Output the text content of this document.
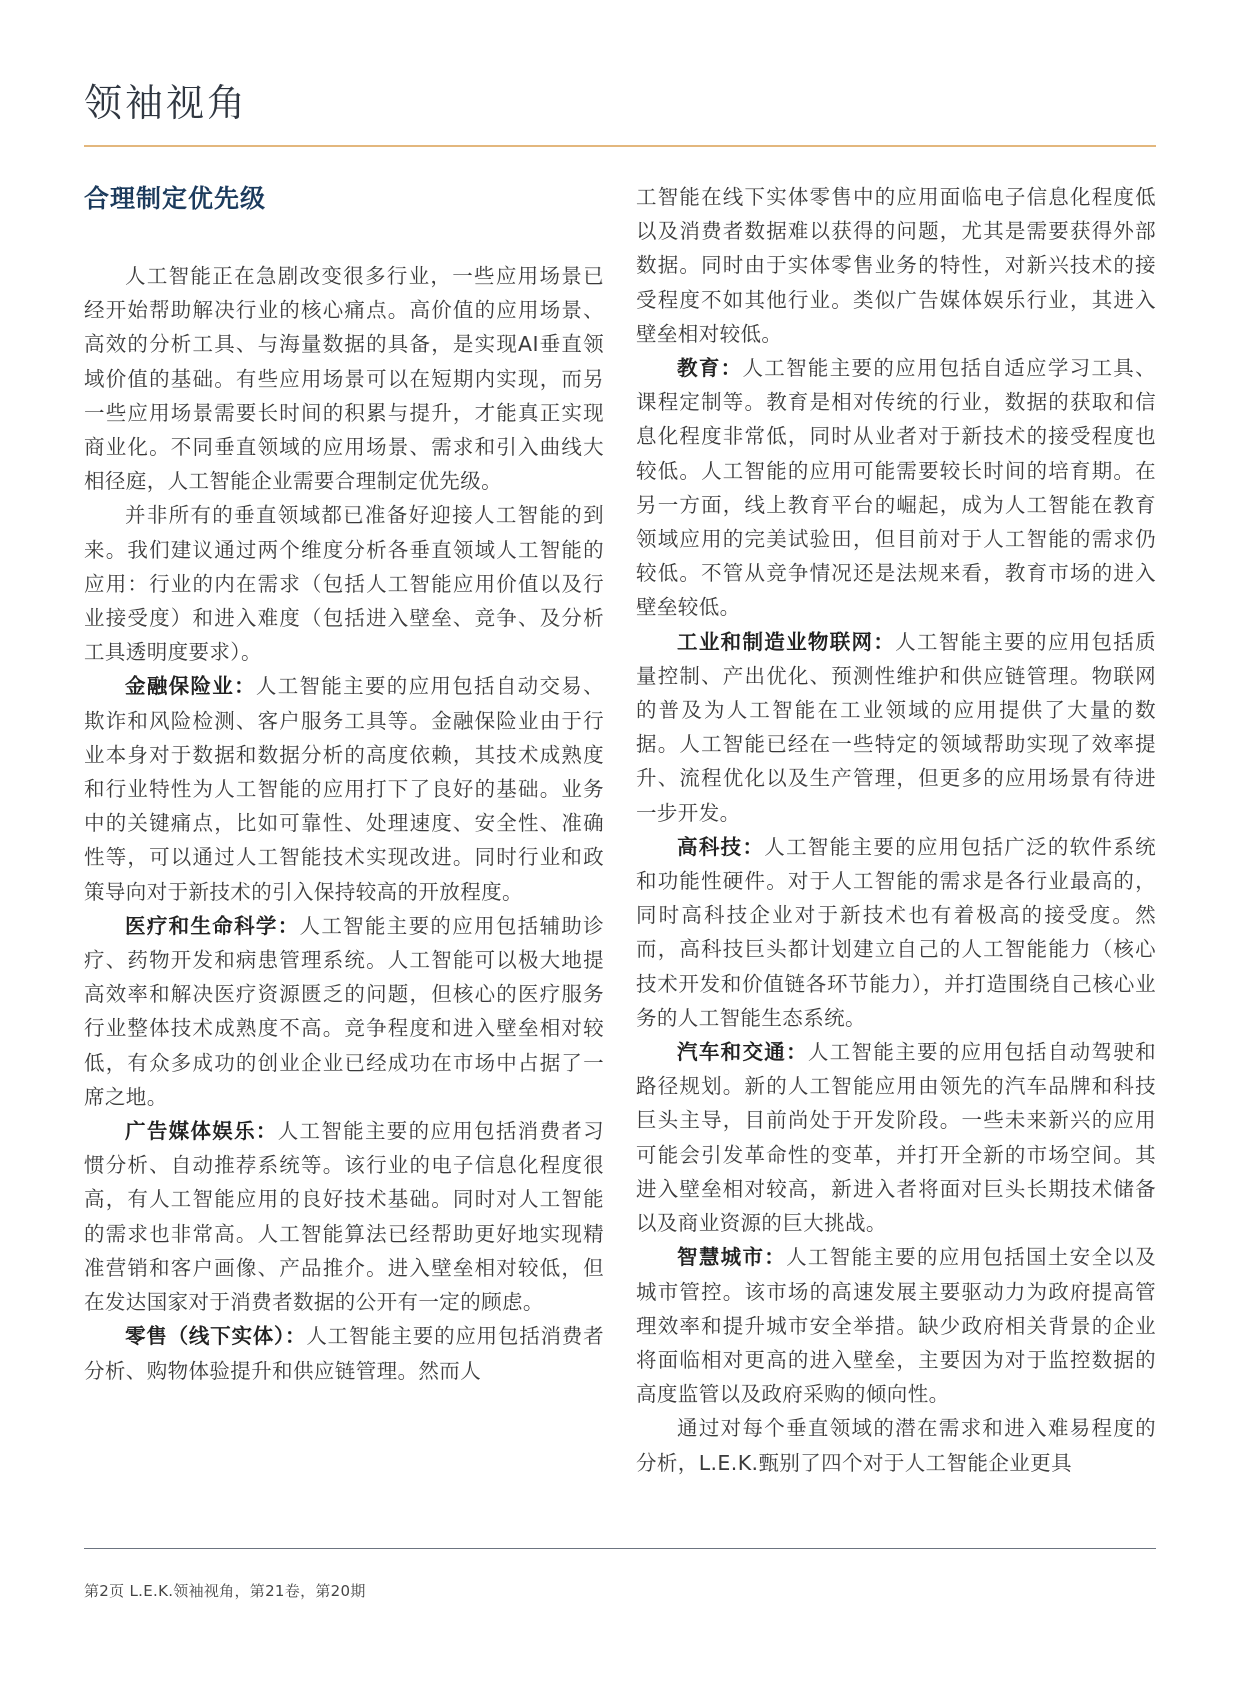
领袖视角
合理制定优先级

人工智能正在急剧改变很多行业，一些应用场景已经开始帮助解决行业的核心痛点。高价值的应用场景、高效的分析工具、与海量数据的具备，是实现AI垂直领域价值的基础。有些应用场景可以在短期内实现，而另一些应用场景需要长时间的积累与提升，才能真正实现商业化。不同垂直领域的应用场景、需求和引入曲线大相径庭，人工智能企业需要合理制定优先级。

并非所有的垂直领域都已准备好迎接人工智能的到来。我们建议通过两个维度分析各垂直领域人工智能的应用：行业的内在需求（包括人工智能应用价值以及行业接受度）和进入难度（包括进入壁垒、竞争、及分析工具透明度要求）。

金融保险业：人工智能主要的应用包括自动交易、欺诈和风险检测、客户服务工具等。金融保险业由于行业本身对于数据和数据分析的高度依赖，其技术成熟度和行业特性为人工智能的应用打下了良好的基础。业务中的关键痛点，比如可靠性、处理速度、安全性、准确性等，可以通过人工智能技术实现改进。同时行业和政策导向对于新技术的引入保持较高的开放程度。

医疗和生命科学：人工智能主要的应用包括辅助诊疗、药物开发和病患管理系统。人工智能可以极大地提高效率和解决医疗资源匮乏的问题，但核心的医疗服务行业整体技术成熟度不高。竞争程度和进入壁垒相对较低，有众多成功的创业企业已经成功在市场中占据了一席之地。

广告媒体娱乐：人工智能主要的应用包括消费者习惯分析、自动推荐系统等。该行业的电子信息化程度很高，有人工智能应用的良好技术基础。同时对人工智能的需求也非常高。人工智能算法已经帮助更好地实现精准营销和客户画像、产品推介。进入壁垒相对较低，但在发达国家对于消费者数据的公开有一定的顾虑。

零售（线下实体）：人工智能主要的应用包括消费者分析、购物体验提升和供应链管理。然而人

工智能在线下实体零售中的应用面临电子信息化程度低以及消费者数据难以获得的问题，尤其是需要获得外部数据。同时由于实体零售业务的特性，对新兴技术的接受程度不如其他行业。类似广告媒体娱乐行业，其进入壁垒相对较低。

教育：人工智能主要的应用包括自适应学习工具、课程定制等。教育是相对传统的行业，数据的获取和信息化程度非常低，同时从业者对于新技术的接受程度也较低。人工智能的应用可能需要较长时间的培育期。在另一方面，线上教育平台的崛起，成为人工智能在教育领域应用的完美试验田，但目前对于人工智能的需求仍较低。不管从竞争情况还是法规来看，教育市场的进入壁垒较低。

工业和制造业物联网：人工智能主要的应用包括质量控制、产出优化、预测性维护和供应链管理。物联网的普及为人工智能在工业领域的应用提供了大量的数据。人工智能已经在一些特定的领域帮助实现了效率提升、流程优化以及生产管理，但更多的应用场景有待进一步开发。

高科技：人工智能主要的应用包括广泛的软件系统和功能性硬件。对于人工智能的需求是各行业最高的，同时高科技企业对于新技术也有着极高的接受度。然而，高科技巨头都计划建立自己的人工智能能力（核心技术开发和价值链各环节能力），并打造围绕自己核心业务的人工智能生态系统。

汽车和交通：人工智能主要的应用包括自动驾驶和路径规划。新的人工智能应用由领先的汽车品牌和科技巨头主导，目前尚处于开发阶段。一些未来新兴的应用可能会引发革命性的变革，并打开全新的市场空间。其进入壁垒相对较高，新进入者将面对巨头长期技术储备以及商业资源的巨大挑战。

智慧城市：人工智能主要的应用包括国土安全以及城市管控。该市场的高速发展主要驱动力为政府提高管理效率和提升城市安全举措。缺少政府相关背景的企业将面临相对更高的进入壁垒，主要因为对于监控数据的高度监管以及政府采购的倾向性。

通过对每个垂直领域的潜在需求和进入难易程度的分析，L.E.K.甄别了四个对于人工智能企业更具

第2页 L.E.K.领袖视角，第21卷，第20期
